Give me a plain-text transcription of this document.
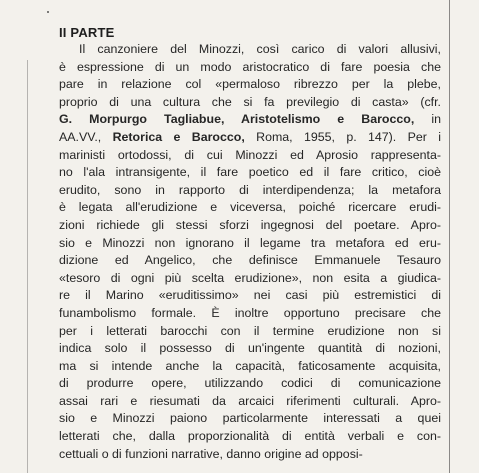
II PARTE

Il canzoniere del Minozzi, così carico di valori allusivi,
è espressione di un modo aristocratico di fare poesia che
pare in relazione col «permaloso ribrezzo per la plebe,
proprio di una cultura che si fa previlegio di casta» (cfr.
G. Morpurgo Tagliabue, Aristotelismo e Barocco, in
AA.VV., Retorica e Barocco, Roma, 1955, p. 147). Per i
marinisti ortodossi, di cui Minozzi ed Aprosio rappresenta-
no l'ala intransigente, il fare poetico ed il fare critico, cioè
erudito, sono in rapporto di interdipendenza; la metafora
è legata all'erudizione e viceversa, poiché ricercare erudi-
zioni richiede gli stessi sforzi ingegnosi del poetare. Apro-
sio e Minozzi non ignorano il legame tra metafora ed eru-
dizione ed Angelico, che definisce Emmanuele Tesauro
«tesoro di ogni più scelta erudizione», non esita a giudica-
re il Marino «eruditissimo» nei casi più estremistici di
funambolismo formale. È inoltre opportuno precisare che
per i letterati barocchi con il termine erudizione non si
indica solo il possesso di un'ingente quantità di nozioni,
ma si intende anche la capacità, faticosamente acquisita,
di produrre opere, utilizzando codici di comunicazione
assai rari e riesumati da arcaici riferimenti culturali. Apro-
sio e Minozzi paiono particolarmente interessati a quei
letterati che, dalla proporzionalità di entità verbali e con-
cettuali o di funzioni narrative, danno origine ad opposi-
